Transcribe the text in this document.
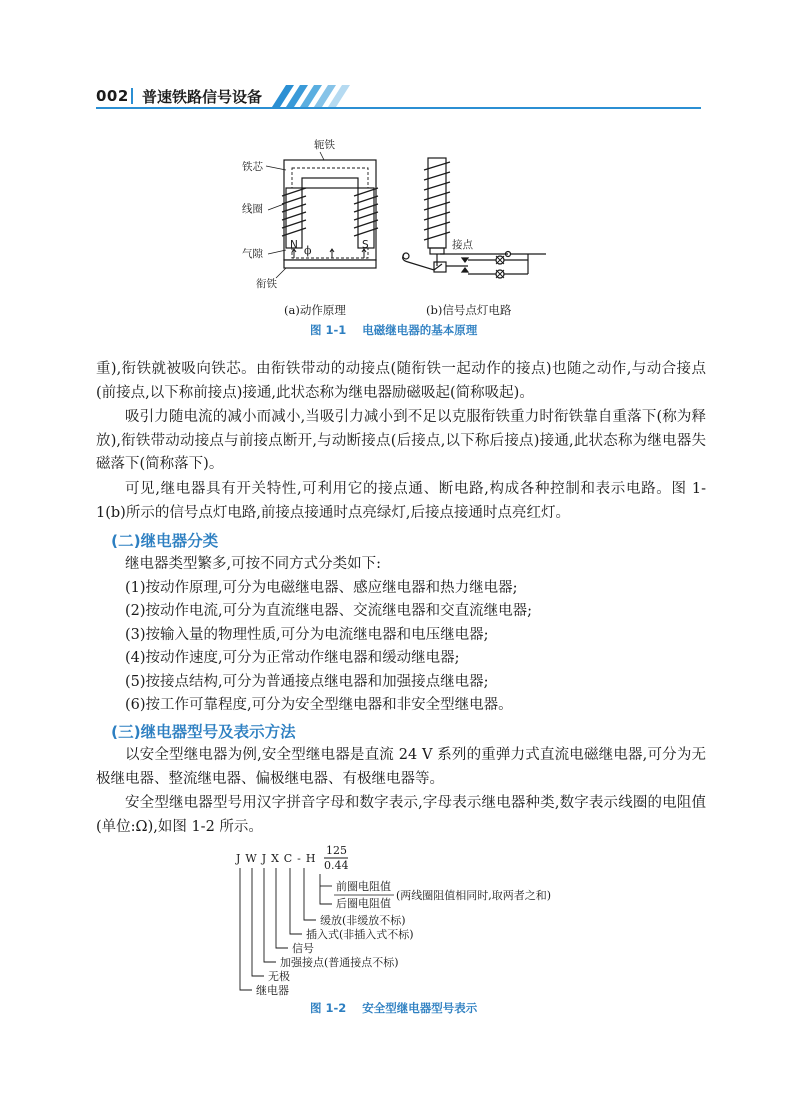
002 普速铁路信号设备
轭铁
铁芯
线圈
气隙
衔铁
N	S
ϕ	接点
(a)动作原理	(b)信号点灯电路
图 1-1 电磁继电器的基本原理

重),衔铁就被吸向铁芯。由衔铁带动的动接点(随衔铁一起动作的接点)也随之动作,与动合接点(前接点,以下称前接点)接通,此状态称为继电器励磁吸起(简称吸起)。

吸引力随电流的减小而减小,当吸引力减小到不足以克服衔铁重力时衔铁靠自重落下(称为释放),衔铁带动动接点与前接点断开,与动断接点(后接点,以下称后接点)接通,此状态称为继电器失磁落下(简称落下)。

可见,继电器具有开关特性,可利用它的接点通、断电路,构成各种控制和表示电路。图 1-1(b)所示的信号点灯电路,前接点接通时点亮绿灯,后接点接通时点亮红灯。

(二)继电器分类

继电器类型繁多,可按不同方式分类如下:

(1)按动作原理,可分为电磁继电器、感应继电器和热力继电器;

(2)按动作电流,可分为直流继电器、交流继电器和交直流继电器;

(3)按输入量的物理性质,可分为电流继电器和电压继电器;

(4)按动作速度,可分为正常动作继电器和缓动继电器;

(5)按接点结构,可分为普通接点继电器和加强接点继电器;

(6)按工作可靠程度,可分为安全型继电器和非安全型继电器。

(三)继电器型号及表示方法

以安全型继电器为例,安全型继电器是直流 24 V 系列的重弹力式直流电磁继电器,可分为无极继电器、整流继电器、偏极继电器、有极继电器等。

安全型继电器型号用汉字拼音字母和数字表示,字母表示继电器种类,数字表示线圈的电阻值(单位:Ω),如图 1-2 所示。

JWJXC-H
125
0.44
前圈电阻值
后圈电阻值
(两线圈阻值相同时,取两者之和)
缓放(非缓放不标)
插入式(非插入式不标)
信号
加强接点(普通接点不标)
无极
继电器
图 1-2 安全型继电器型号表示
